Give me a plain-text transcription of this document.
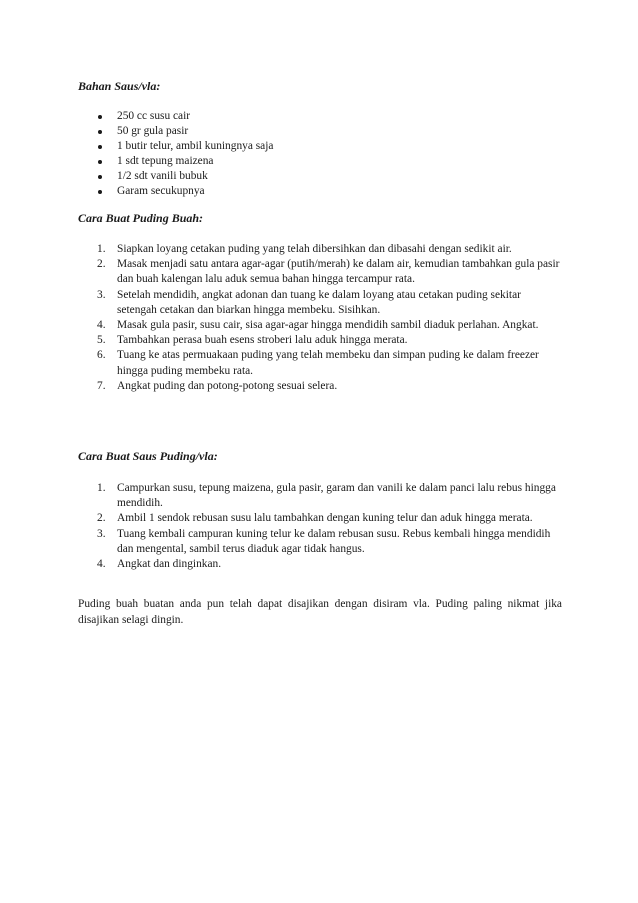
Bahan Saus/vla:
250 cc susu cair
50 gr gula pasir
1 butir telur, ambil kuningnya saja
1 sdt tepung maizena
1/2 sdt vanili bubuk
Garam secukupnya
Cara Buat Puding Buah:
1. Siapkan loyang cetakan puding yang telah dibersihkan dan dibasahi dengan sedikit air.
2. Masak menjadi satu antara agar-agar (putih/merah) ke dalam air, kemudian tambahkan gula pasir dan buah kalengan lalu aduk semua bahan hingga tercampur rata.
3. Setelah mendidih, angkat adonan dan tuang ke dalam loyang atau cetakan puding sekitar setengah cetakan dan biarkan hingga membeku. Sisihkan.
4. Masak gula pasir, susu cair, sisa agar-agar hingga mendidih sambil diaduk perlahan. Angkat.
5. Tambahkan perasa buah esens stroberi lalu aduk hingga merata.
6. Tuang ke atas permuakaan puding yang telah membeku dan simpan puding ke dalam freezer hingga puding membeku rata.
7. Angkat puding dan potong-potong sesuai selera.
Cara Buat Saus Puding/vla:
1. Campurkan susu, tepung maizena, gula pasir, garam dan vanili ke dalam panci lalu rebus hingga mendidih.
2. Ambil 1 sendok rebusan susu lalu tambahkan dengan kuning telur dan aduk hingga merata.
3. Tuang kembali campuran kuning telur ke dalam rebusan susu. Rebus kembali hingga mendidih dan mengental, sambil terus diaduk agar tidak hangus.
4. Angkat dan dinginkan.

Puding buah buatan anda pun telah dapat disajikan dengan disiram vla. Puding paling nikmat jika disajikan selagi dingin.
